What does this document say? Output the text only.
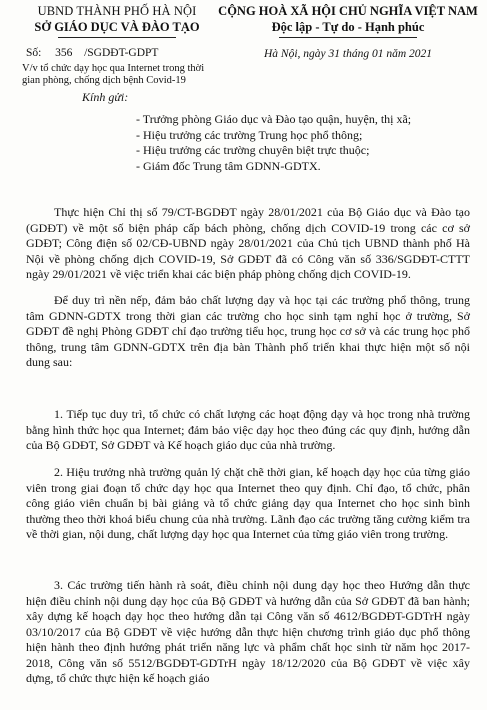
UBND THÀNH PHỐ HÀ NỘI
SỞ GIÁO DỤC VÀ ĐÀO TẠO
CỘNG HOÀ XÃ HỘI CHỦ NGHĨA VIỆT NAM
Độc lập - Tự do - Hạnh phúc
Số: 356 /SGDĐT-GDPT	Hà Nội, ngày 31 tháng 01 năm 2021
V/v tổ chức dạy học qua Internet trong thời gian phòng, chống dịch bệnh Covid-19
Kính gửi:
- Trưởng phòng Giáo dục và Đào tạo quận, huyện, thị xã;
- Hiệu trưởng các trường Trung học phổ thông;
- Hiệu trưởng các trường chuyên biệt trực thuộc;
- Giám đốc Trung tâm GDNN-GDTX.

Thực hiện Chỉ thị số 79/CT-BGDĐT ngày 28/01/2021 của Bộ Giáo dục và Đào tạo (GDĐT) về một số biện pháp cấp bách phòng, chống dịch COVID-19 trong các cơ sở GDĐT; Công điện số 02/CĐ-UBND ngày 28/01/2021 của Chủ tịch UBND thành phố Hà Nội về phòng chống dịch COVID-19, Sở GDĐT đã có Công văn số 336/SGDĐT-CTTT ngày 29/01/2021 về việc triển khai các biện pháp phòng chống dịch COVID-19.

Để duy trì nền nếp, đảm bảo chất lượng dạy và học tại các trường phổ thông, trung tâm GDNN-GDTX trong thời gian các trường cho học sinh tạm nghỉ học ở trường, Sở GDĐT đề nghị Phòng GDĐT chỉ đạo trường tiểu học, trung học cơ sở và các trung học phổ thông, trung tâm GDNN-GDTX trên địa bàn Thành phố triển khai thực hiện một số nội dung sau:

1. Tiếp tục duy trì, tổ chức có chất lượng các hoạt động dạy và học trong nhà trường bằng hình thức học qua Internet; đảm bảo việc dạy học theo đúng các quy định, hướng dẫn của Bộ GDĐT, Sở GDĐT và Kế hoạch giáo dục của nhà trường.

2. Hiệu trưởng nhà trường quản lý chặt chẽ thời gian, kế hoạch dạy học của từng giáo viên trong giai đoạn tổ chức dạy học qua Internet theo quy định. Chỉ đạo, tổ chức, phân công giáo viên chuẩn bị bài giảng và tổ chức giảng dạy qua Internet cho học sinh bình thường theo thời khoá biểu chung của nhà trường. Lãnh đạo các trường tăng cường kiểm tra về thời gian, nội dung, chất lượng dạy học qua Internet của từng giáo viên trong trường.

3. Các trường tiến hành rà soát, điều chỉnh nội dung dạy học theo Hướng dẫn thực hiện điều chỉnh nội dung dạy học của Bộ GDĐT và hướng dẫn của Sở GDĐT đã ban hành; xây dựng kế hoạch dạy học theo hướng dẫn tại Công văn số 4612/BGDĐT-GDTrH ngày 03/10/2017 của Bộ GDĐT về việc hướng dẫn thực hiện chương trình giáo dục phổ thông hiện hành theo định hướng phát triển năng lực và phẩm chất học sinh từ năm học 2017-2018, Công văn số 5512/BGDĐT-GDTrH ngày 18/12/2020 của Bộ GDĐT về việc xây dựng, tổ chức thực hiện kế hoạch giáo
